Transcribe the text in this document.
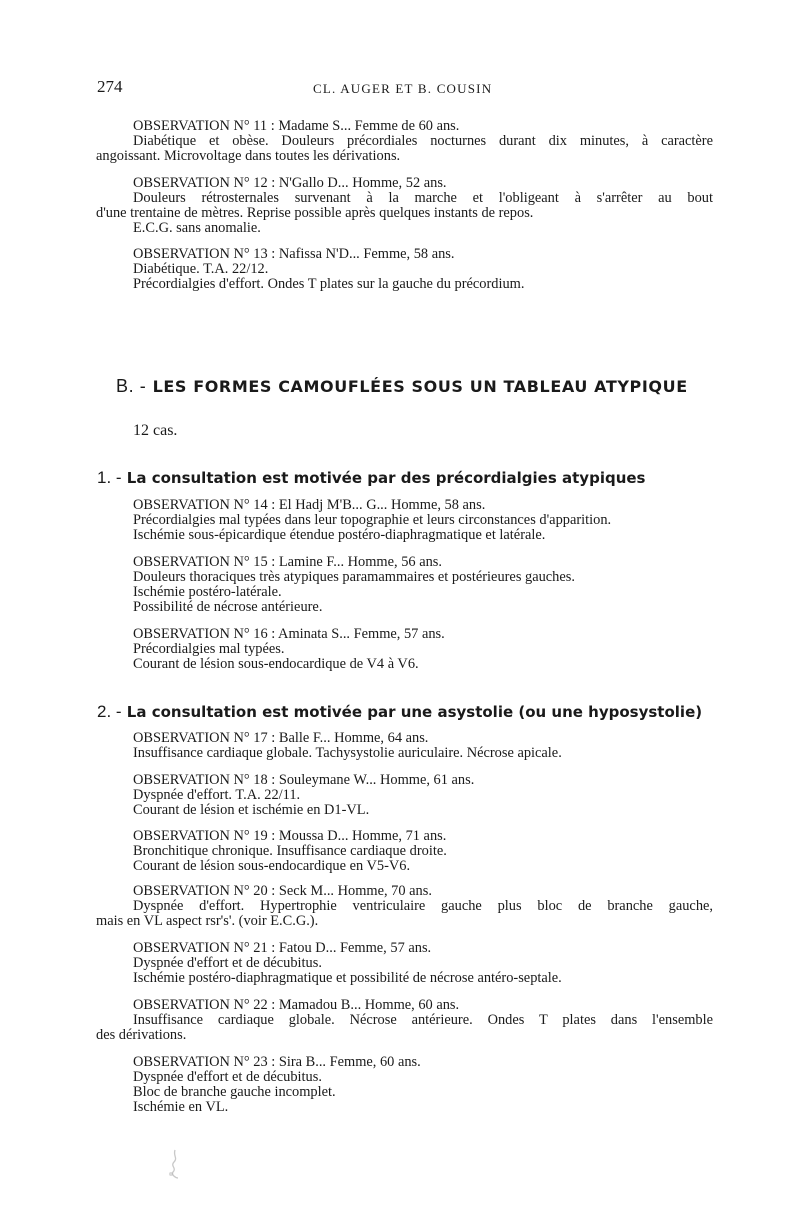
274	CL. AUGER ET B. COUSIN
OBSERVATION N° 11 : Madame S... Femme de 60 ans.
Diabétique et obèse. Douleurs précordiales nocturnes durant dix minutes, à caractère
angoissant. Microvoltage dans toutes les dérivations.
OBSERVATION N° 12 : N'Gallo D... Homme, 52 ans.
Douleurs rétrosternales survenant à la marche et l'obligeant à s'arrêter au bout
d'une trentaine de mètres. Reprise possible après quelques instants de repos.
E.C.G. sans anomalie.
OBSERVATION N° 13 : Nafissa N'D... Femme, 58 ans.
Diabétique. T.A. 22/12.
Précordialgies d'effort. Ondes T plates sur la gauche du précordium.
B. - LES FORMES CAMOUFLÉES SOUS UN TABLEAU ATYPIQUE
12 cas.
1. - La consultation est motivée par des précordialgies atypiques
OBSERVATION N° 14 : El Hadj M'B... G... Homme, 58 ans.
Précordialgies mal typées dans leur topographie et leurs circonstances d'apparition.
Ischémie sous-épicardique étendue postéro-diaphragmatique et latérale.
OBSERVATION N° 15 : Lamine F... Homme, 56 ans.
Douleurs thoraciques très atypiques paramammaires et postérieures gauches.
Ischémie postéro-latérale.
Possibilité de nécrose antérieure.
OBSERVATION N° 16 : Aminata S... Femme, 57 ans.
Précordialgies mal typées.
Courant de lésion sous-endocardique de V4 à V6.
2. - La consultation est motivée par une asystolie (ou une hyposystolie)
OBSERVATION N° 17 : Balle F... Homme, 64 ans.
Insuffisance cardiaque globale. Tachysystolie auriculaire. Nécrose apicale.
OBSERVATION N° 18 : Souleymane W... Homme, 61 ans.
Dyspnée d'effort. T.A. 22/11.
Courant de lésion et ischémie en D1-VL.
OBSERVATION N° 19 : Moussa D... Homme, 71 ans.
Bronchitique chronique. Insuffisance cardiaque droite.
Courant de lésion sous-endocardique en V5-V6.
OBSERVATION N° 20 : Seck M... Homme, 70 ans.
Dyspnée d'effort. Hypertrophie ventriculaire gauche plus bloc de branche gauche,
mais en VL aspect rsr's'. (voir E.C.G.).
OBSERVATION N° 21 : Fatou D... Femme, 57 ans.
Dyspnée d'effort et de décubitus.
Ischémie postéro-diaphragmatique et possibilité de nécrose antéro-septale.
OBSERVATION N° 22 : Mamadou B... Homme, 60 ans.
Insuffisance cardiaque globale. Nécrose antérieure. Ondes T plates dans l'ensemble
des dérivations.
OBSERVATION N° 23 : Sira B... Femme, 60 ans.
Dyspnée d'effort et de décubitus.
Bloc de branche gauche incomplet.
Ischémie en VL.
